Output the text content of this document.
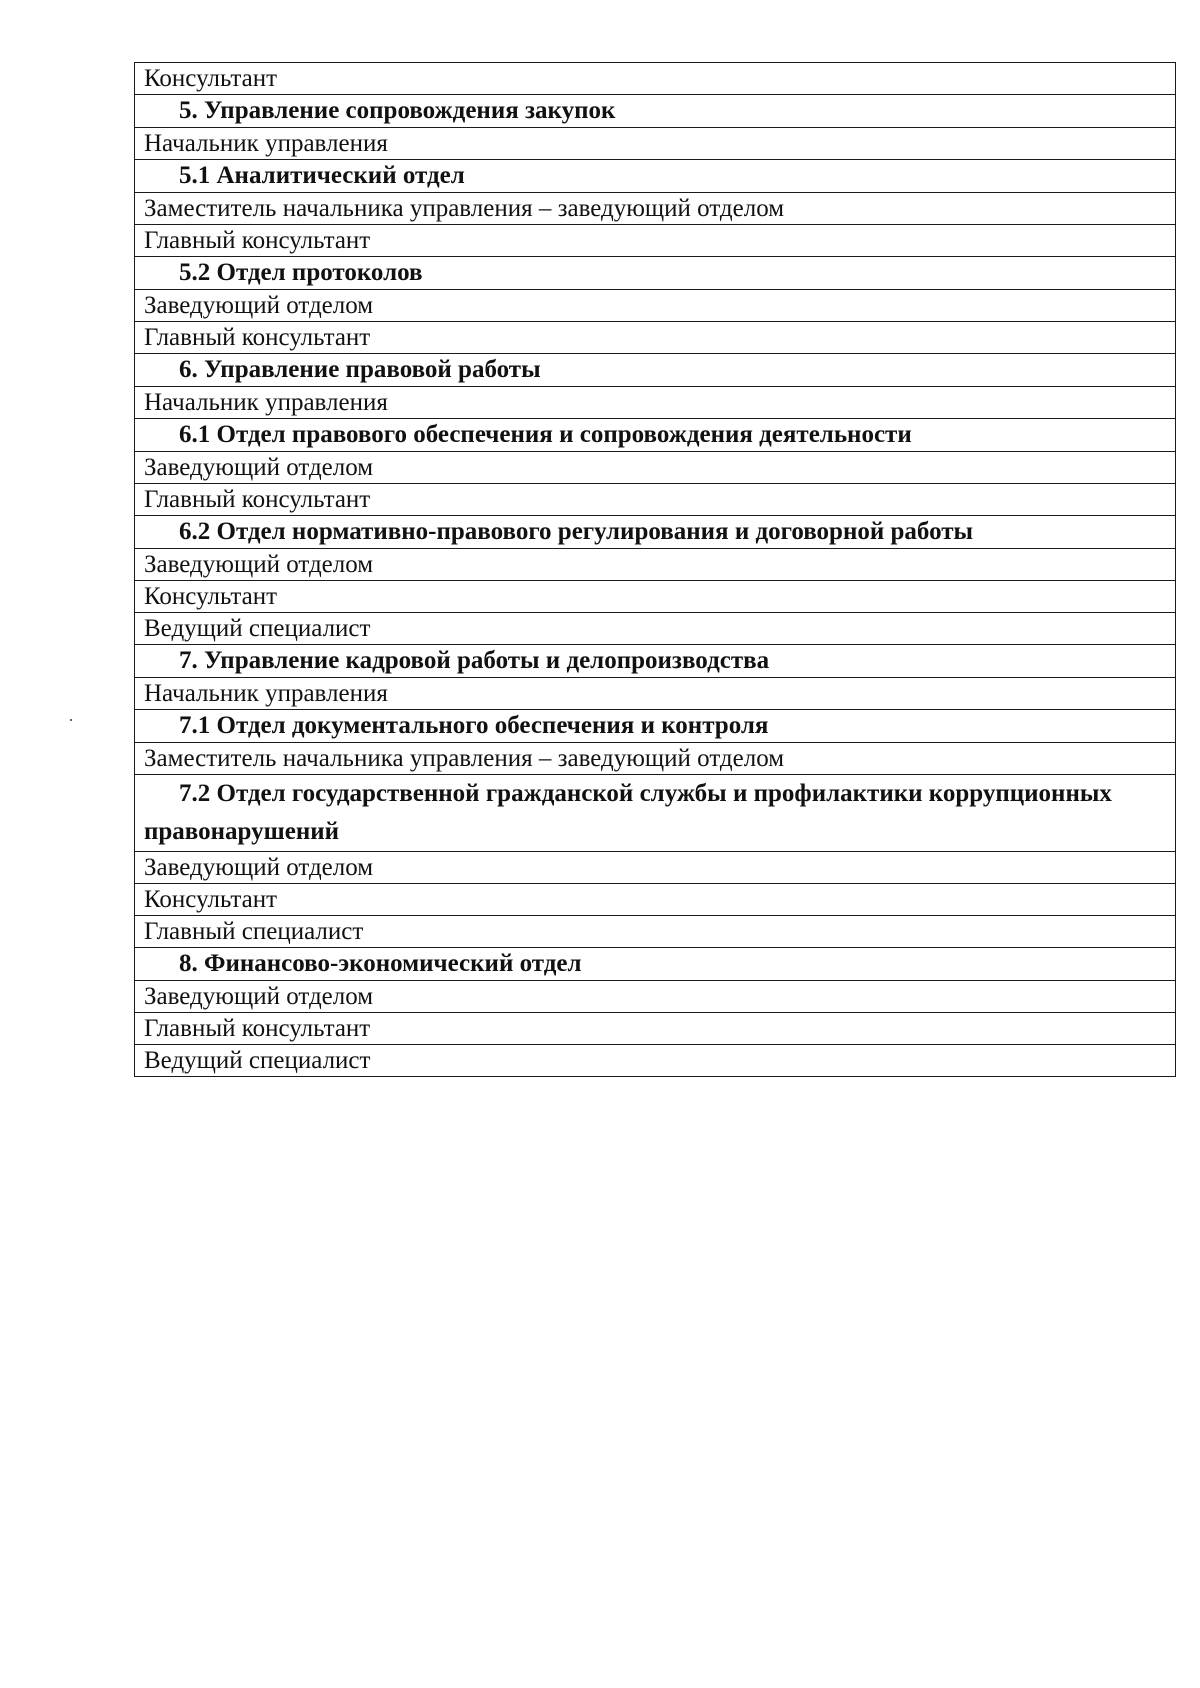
Консультант
5. Управление сопровождения закупок
Начальник управления
5.1 Аналитический отдел
Заместитель начальника управления – заведующий отделом
Главный консультант
5.2 Отдел протоколов
Заведующий отделом
Главный консультант
6. Управление правовой работы
Начальник управления
6.1 Отдел правового обеспечения и сопровождения деятельности
Заведующий отделом
Главный консультант
6.2 Отдел нормативно-правового регулирования и договорной работы
Заведующий отделом
Консультант
Ведущий специалист
7. Управление кадровой работы и делопроизводства
Начальник управления
7.1 Отдел документального обеспечения и контроля
Заместитель начальника управления – заведующий отделом
7.2 Отдел государственной гражданской службы и профилактики коррупционных правонарушений
Заведующий отделом
Консультант
Главный специалист
8. Финансово-экономический отдел
Заведующий отделом
Главный консультант
Ведущий специалист
